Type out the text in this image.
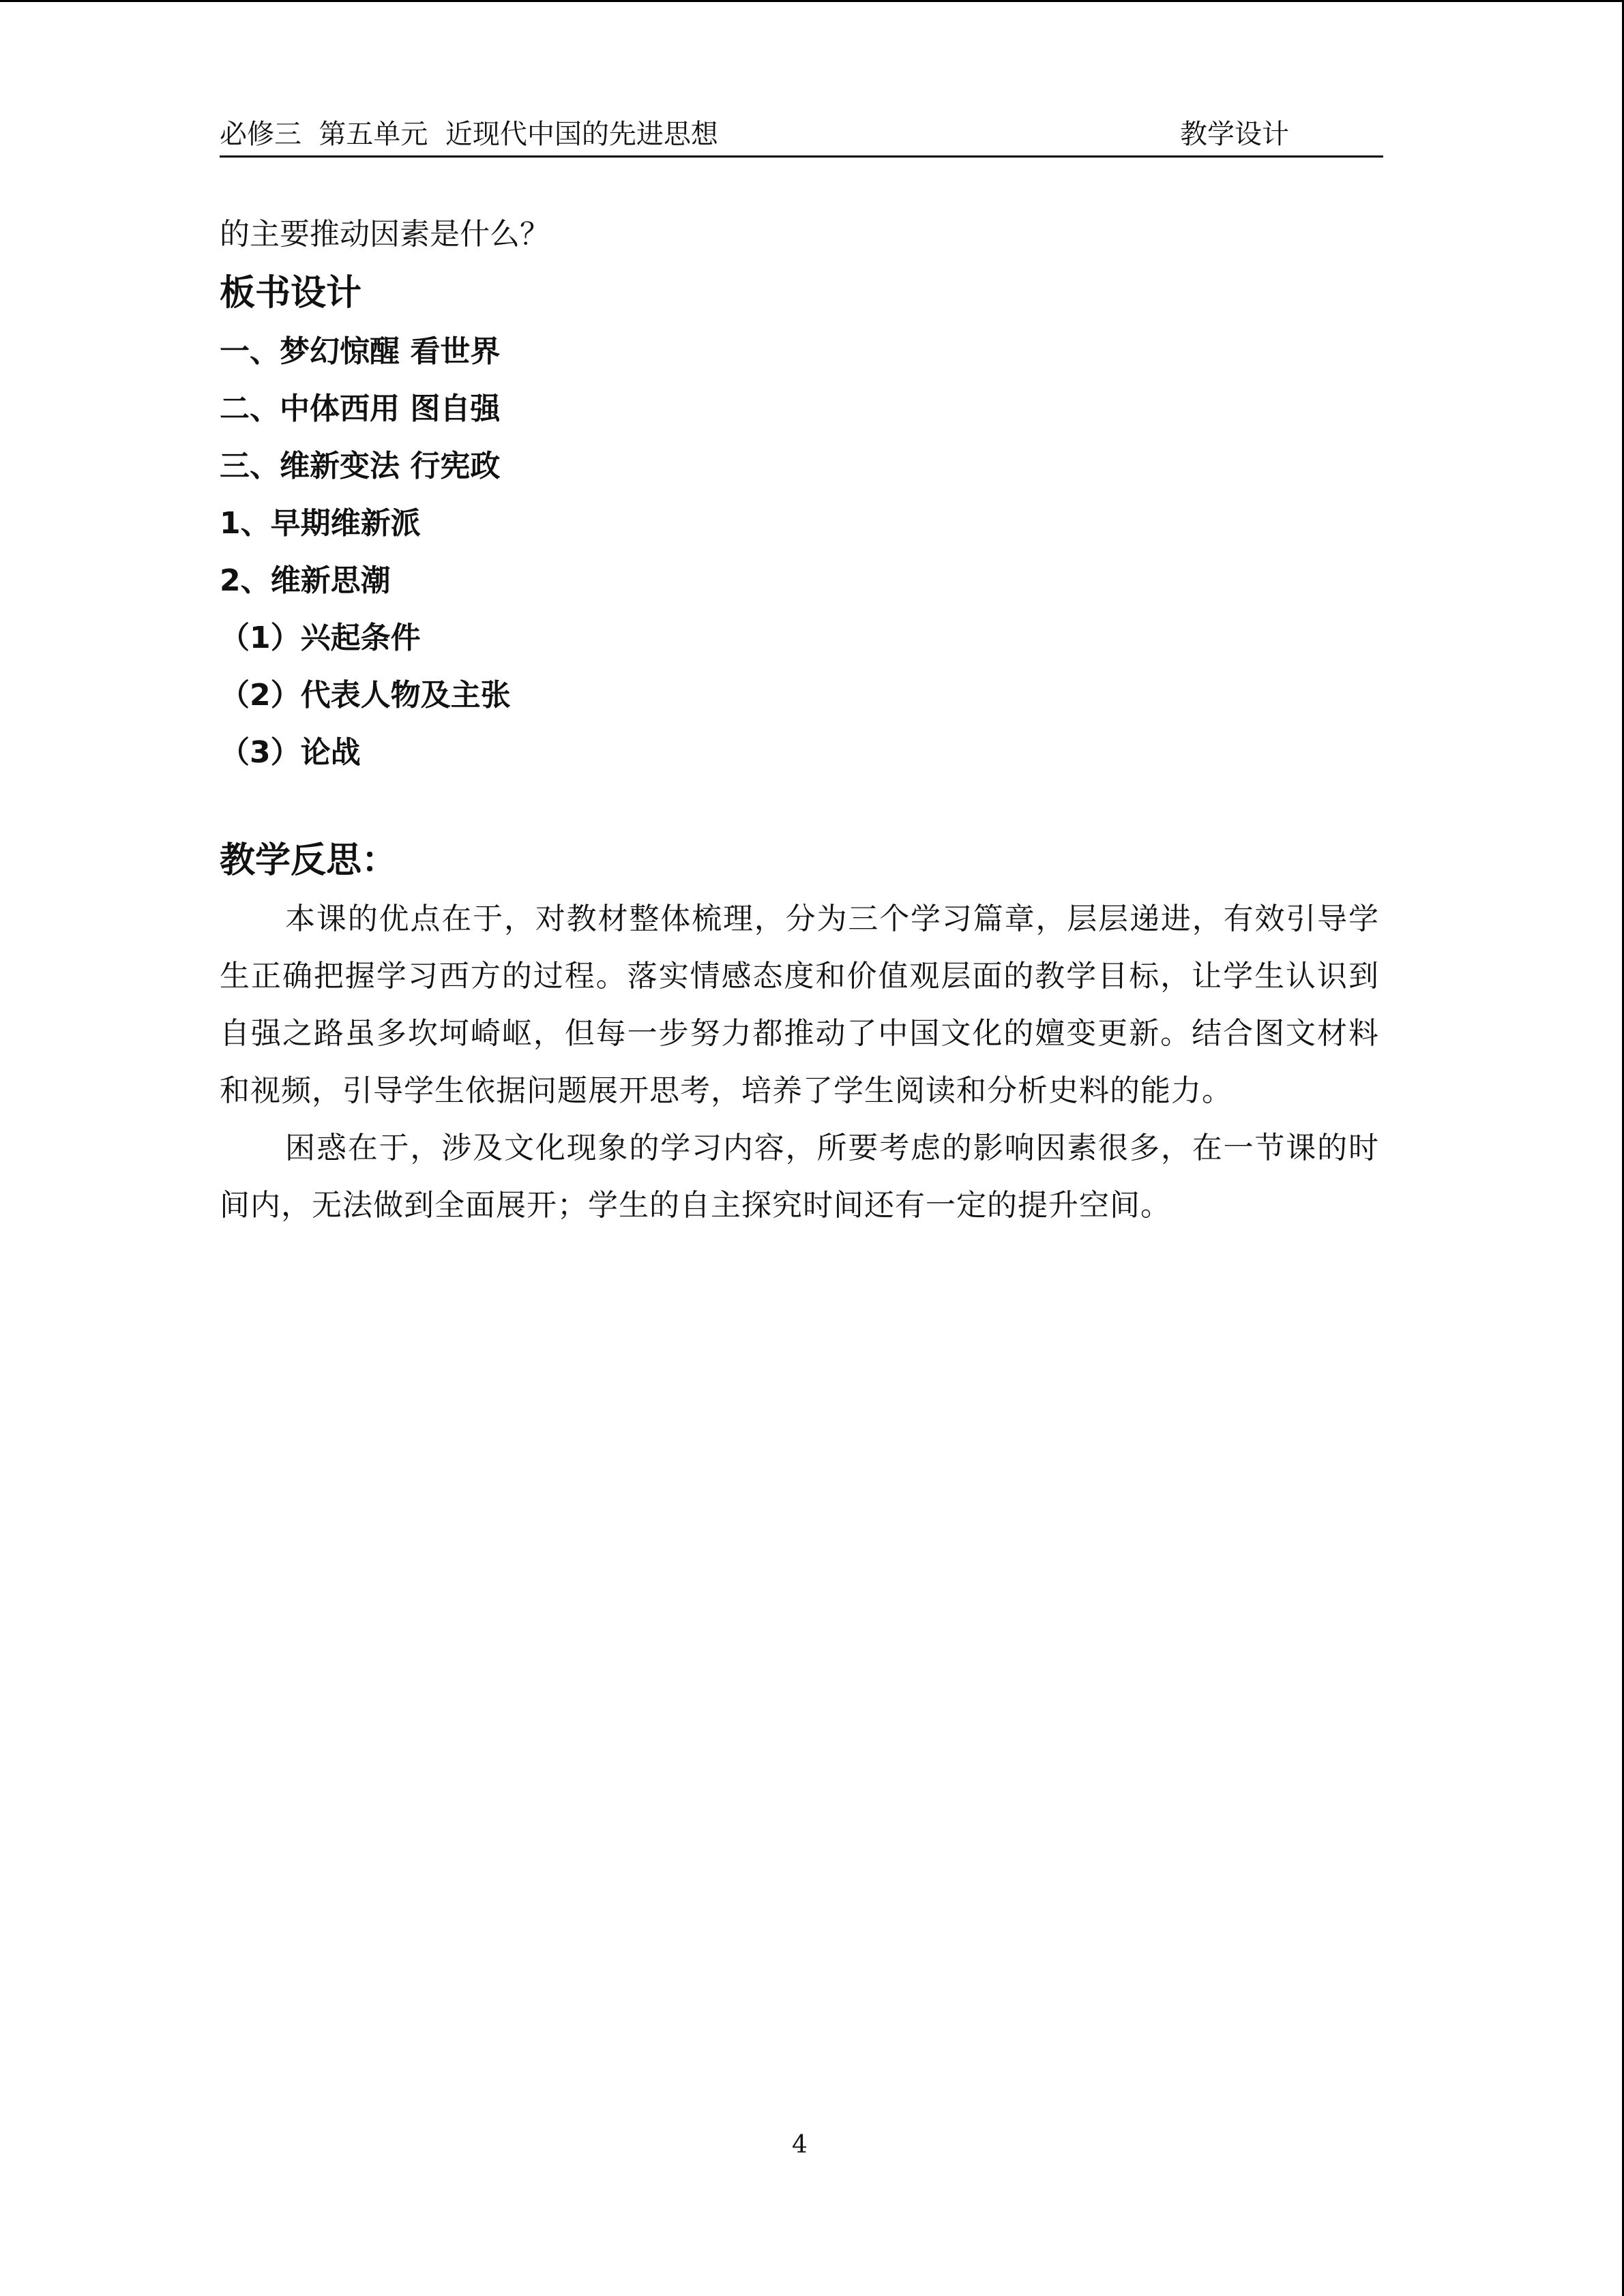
必修三  第五单元  近现代中国的先进思想	教学设计
的主要推动因素是什么？
板书设计
一、梦幻惊醒 看世界
二、中体西用 图自强
三、维新变法 行宪政
1、早期维新派
2、维新思潮
（1）兴起条件
（2）代表人物及主张
（3）论战
教学反思：

本课的优点在于，对教材整体梳理，分为三个学习篇章，层层递进，有效引导学生正确把握学习西方的过程。落实情感态度和价值观层面的教学目标，让学生认识到自强之路虽多坎坷崎岖，但每一步努力都推动了中国文化的嬗变更新。结合图文材料和视频，引导学生依据问题展开思考，培养了学生阅读和分析史料的能力。

困惑在于，涉及文化现象的学习内容，所要考虑的影响因素很多，在一节课的时间内，无法做到全面展开；学生的自主探究时间还有一定的提升空间。

4
